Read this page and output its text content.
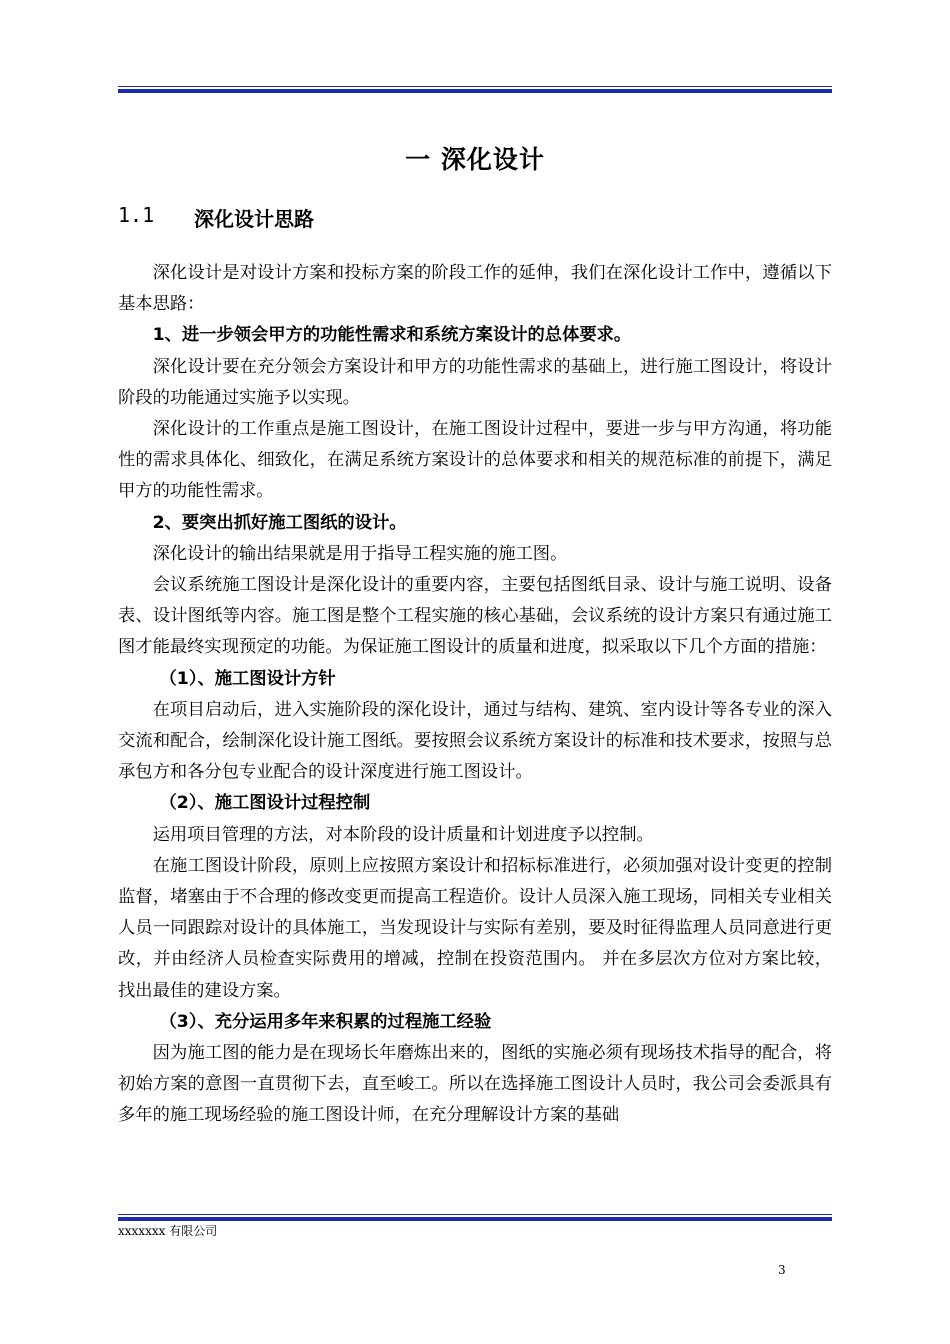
一 深化设计
1.1	深化设计思路

深化设计是对设计方案和投标方案的阶段工作的延伸，我们在深化设计工作中，遵循以下基本思路：

1、进一步领会甲方的功能性需求和系统方案设计的总体要求。

深化设计要在充分领会方案设计和甲方的功能性需求的基础上，进行施工图设计，将设计阶段的功能通过实施予以实现。

深化设计的工作重点是施工图设计，在施工图设计过程中，要进一步与甲方沟通，将功能性的需求具体化、细致化，在满足系统方案设计的总体要求和相关的规范标准的前提下，满足甲方的功能性需求。

2、要突出抓好施工图纸的设计。

深化设计的输出结果就是用于指导工程实施的施工图。

会议系统施工图设计是深化设计的重要内容，主要包括图纸目录、设计与施工说明、设备表、设计图纸等内容。施工图是整个工程实施的核心基础，会议系统的设计方案只有通过施工图才能最终实现预定的功能。为保证施工图设计的质量和进度，拟采取以下几个方面的措施：

（1）、施工图设计方针

在项目启动后，进入实施阶段的深化设计，通过与结构、建筑、室内设计等各专业的深入交流和配合，绘制深化设计施工图纸。要按照会议系统方案设计的标准和技术要求，按照与总承包方和各分包专业配合的设计深度进行施工图设计。

（2）、施工图设计过程控制

运用项目管理的方法，对本阶段的设计质量和计划进度予以控制。

在施工图设计阶段，原则上应按照方案设计和招标标准进行，必须加强对设计变更的控制监督，堵塞由于不合理的修改变更而提高工程造价。设计人员深入施工现场，同相关专业相关人员一同跟踪对设计的具体施工，当发现设计与实际有差别，要及时征得监理人员同意进行更改，并由经济人员检查实际费用的增减，控制在投资范围内。 并在多层次方位对方案比较，找出最佳的建设方案。

（3）、充分运用多年来积累的过程施工经验

因为施工图的能力是在现场长年磨炼出来的，图纸的实施必须有现场技术指导的配合，将初始方案的意图一直贯彻下去，直至峻工。所以在选择施工图设计人员时，我公司会委派具有多年的施工现场经验的施工图设计师，在充分理解设计方案的基础

xxxxxxx 有限公司
3
